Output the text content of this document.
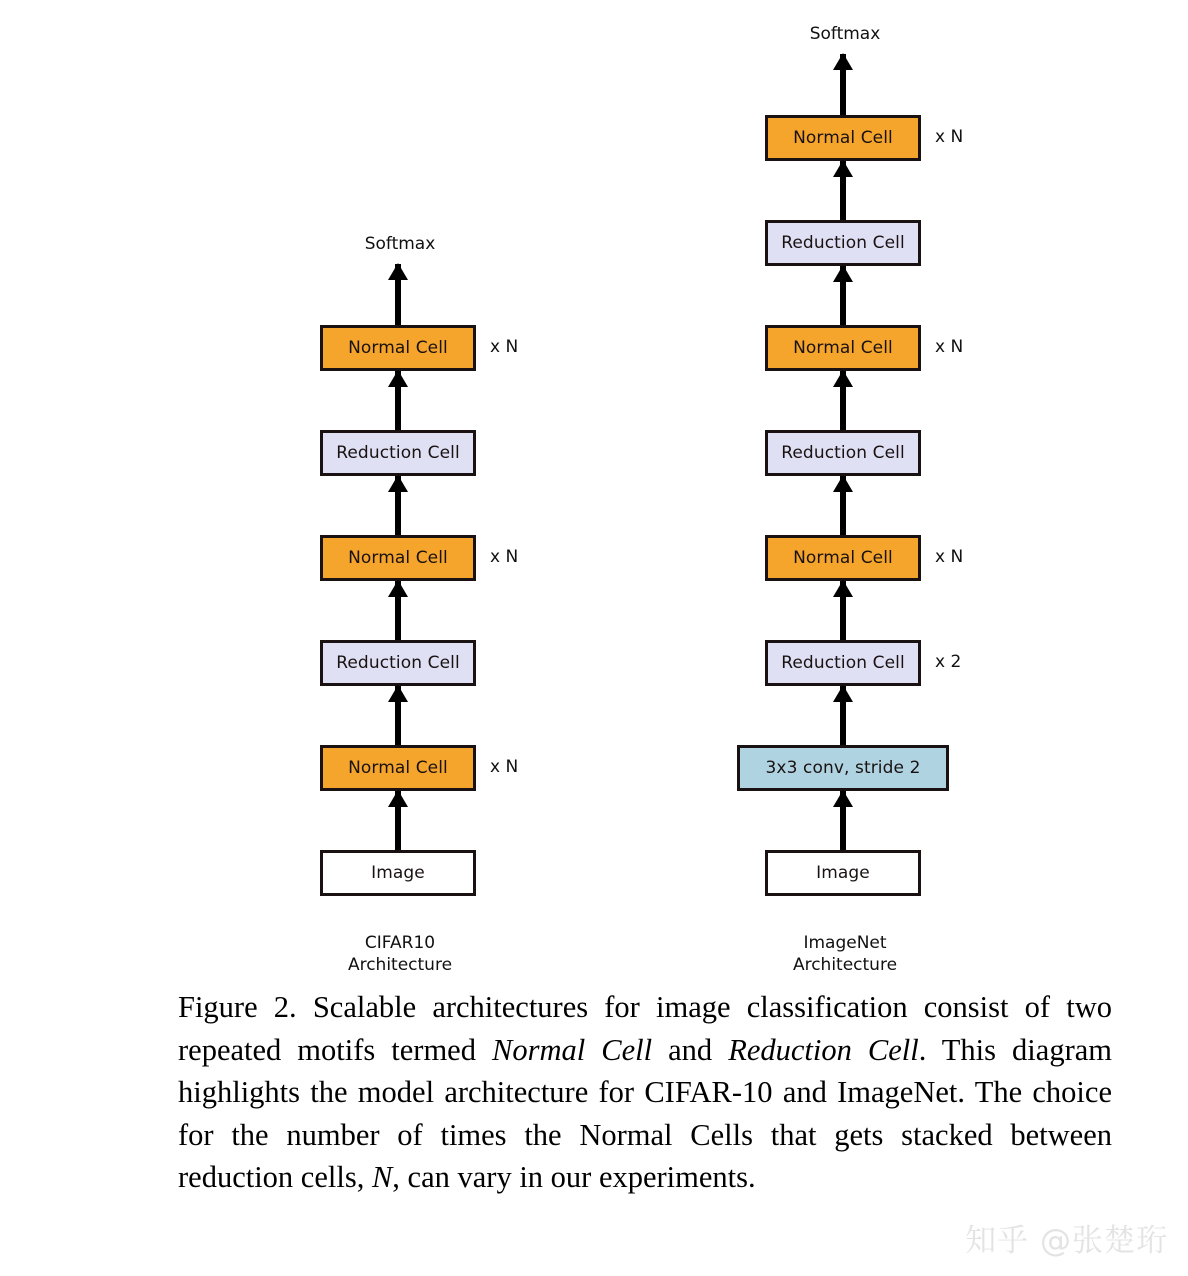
Softmax
Normal Cell x N
Reduction Cell
Normal Cell x N
Reduction Cell
Normal Cell x N
Image
CIFAR10
Architecture
Softmax
Normal Cell x N
Reduction Cell
Normal Cell x N
Reduction Cell
Normal Cell x N
Reduction Cell x 2
3x3 conv, stride 2
Image
ImageNet
Architecture
Figure 2. Scalable architectures for image classification consist of two repeated motifs termed Normal Cell and Reduction Cell. This diagram highlights the model architecture for CIFAR-10 and ImageNet. The choice for the number of times the Normal Cells that gets stacked between reduction cells, N, can vary in our experiments.
知乎 @张楚珩
